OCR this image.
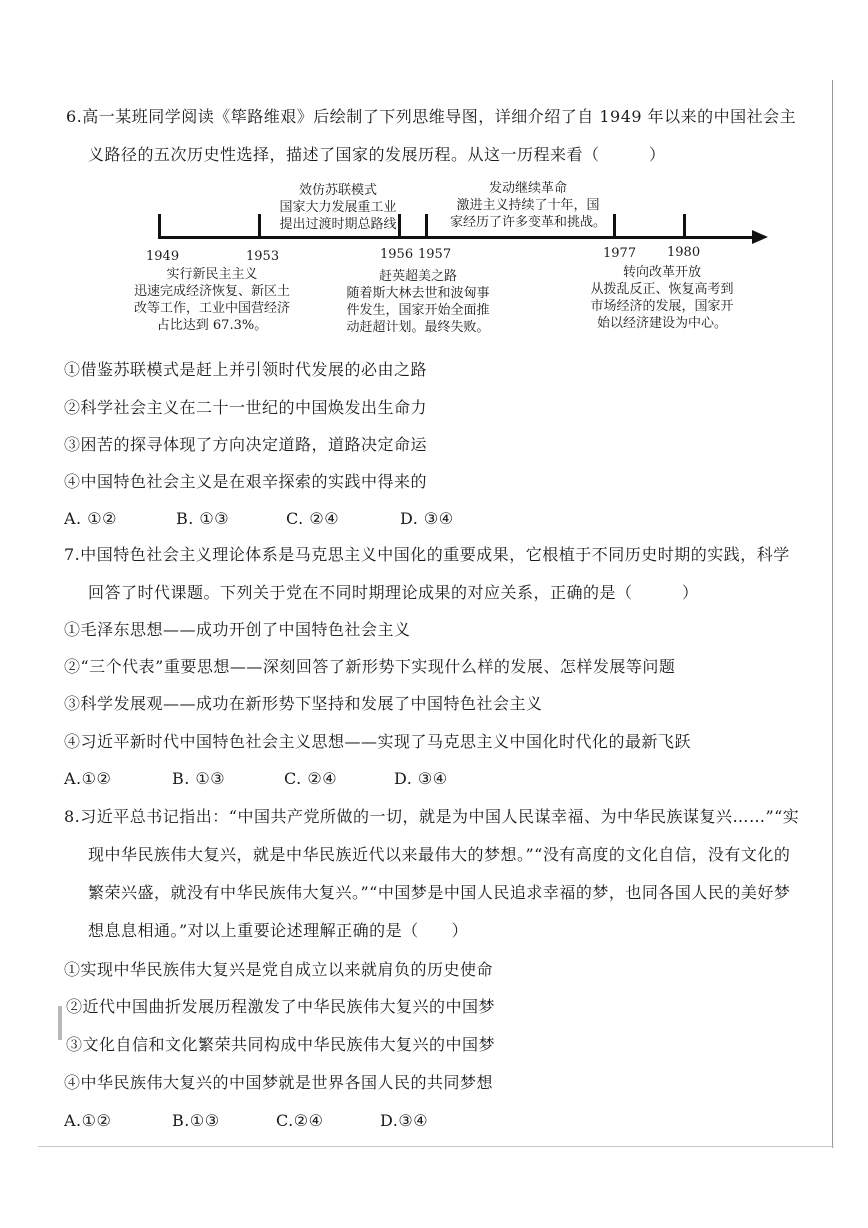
6.高一某班同学阅读《筚路维艰》后绘制了下列思维导图，详细介绍了自 1949 年以来的中国社会主
义路径的五次历史性选择，描述了国家的发展历程。从这一历程来看（　　　）
效仿苏联模式
国家大力发展重工业
提出过渡时期总路线
发动继续革命
激进主义持续了十年，国
家经历了许多变革和挑战。
1949	1953	1956 1957	1977 1980
实行新民主主义
迅速完成经济恢复、新区土
改等工作，工业中国营经济
占比达到 67.3%。
赶英超美之路
随着斯大林去世和波匈事
件发生，国家开始全面推
动赶超计划。最终失败。
转向改革开放
从拨乱反正、恢复高考到
市场经济的发展，国家开
始以经济建设为中心。
①借鉴苏联模式是赶上并引领时代发展的必由之路
②科学社会主义在二十一世纪的中国焕发出生命力
③困苦的探寻体现了方向决定道路，道路决定命运
④中国特色社会主义是在艰辛探索的实践中得来的
A. ①②	B. ①③	C. ②④	D. ③④
7.中国特色社会主义理论体系是马克思主义中国化的重要成果，它根植于不同历史时期的实践，科学
回答了时代课题。下列关于党在不同时期理论成果的对应关系，正确的是（　　　）
①毛泽东思想——成功开创了中国特色社会主义
②“三个代表”重要思想——深刻回答了新形势下实现什么样的发展、怎样发展等问题
③科学发展观——成功在新形势下坚持和发展了中国特色社会主义
④习近平新时代中国特色社会主义思想——实现了马克思主义中国化时代化的最新飞跃
A.①②	B. ①③	C. ②④	D. ③④
8.习近平总书记指出：“中国共产党所做的一切，就是为中国人民谋幸福、为中华民族谋复兴……”“实
现中华民族伟大复兴，就是中华民族近代以来最伟大的梦想。”“没有高度的文化自信，没有文化的
繁荣兴盛，就没有中华民族伟大复兴。”“中国梦是中国人民追求幸福的梦，也同各国人民的美好梦
想息息相通。”对以上重要论述理解正确的是（　　）
①实现中华民族伟大复兴是党自成立以来就肩负的历史使命
②近代中国曲折发展历程激发了中华民族伟大复兴的中国梦
③文化自信和文化繁荣共同构成中华民族伟大复兴的中国梦
④中华民族伟大复兴的中国梦就是世界各国人民的共同梦想
A.①②	B.①③	C.②④	D.③④
